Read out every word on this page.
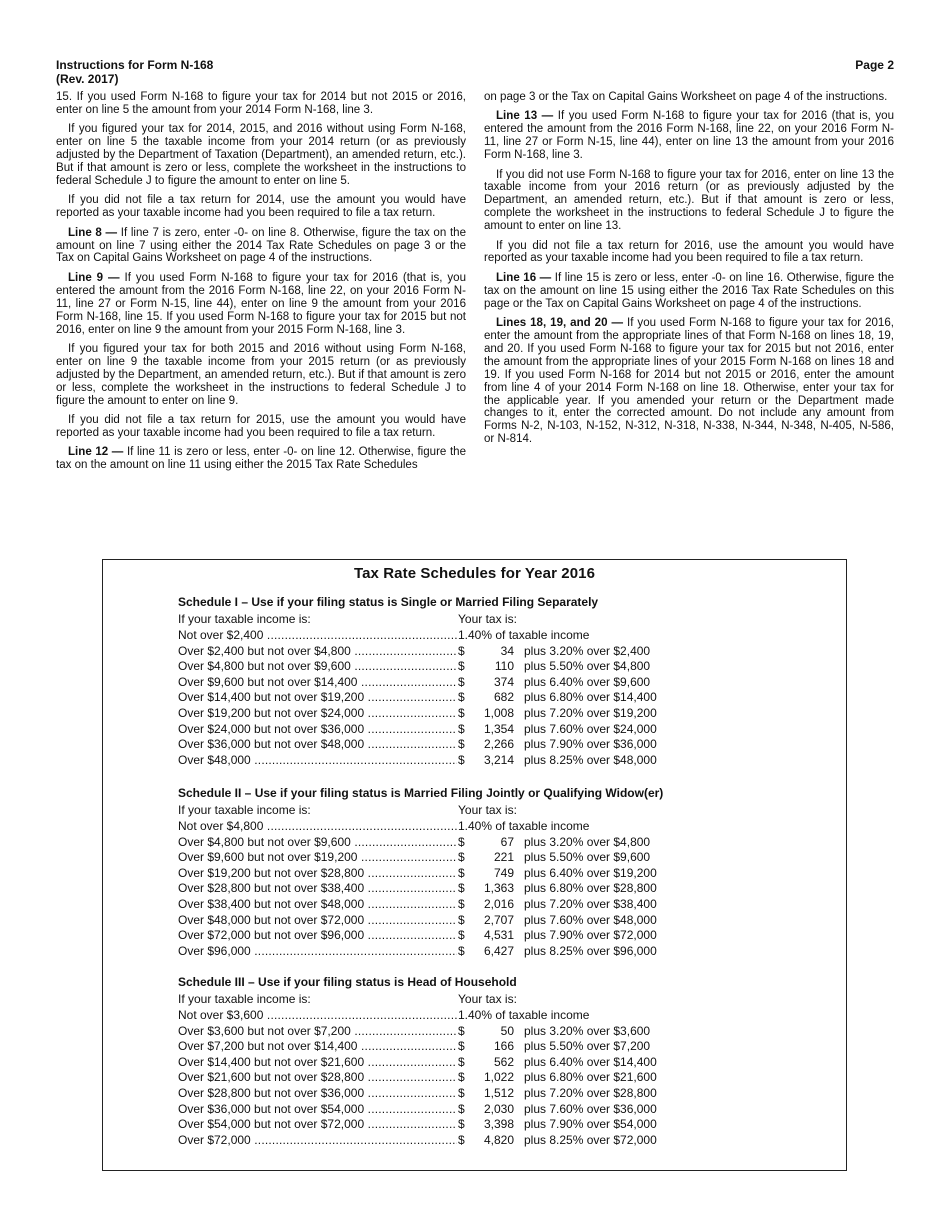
Instructions for Form N-168
(Rev. 2017)
Page 2

15. If you used Form N-168 to figure your tax for 2014 but not 2015 or 2016, enter on line 5 the amount from your 2014 Form N-168, line 3.

If you figured your tax for 2014, 2015, and 2016 without using Form N-168, enter on line 5 the taxable income from your 2014 return (or as previously adjusted by the Department of Taxation (Department), an amended return, etc.). But if that amount is zero or less, complete the worksheet in the instructions to federal Schedule J to figure the amount to enter on line 5.

If you did not file a tax return for 2014, use the amount you would have reported as your taxable income had you been required to file a tax return.

Line 8 — If line 7 is zero, enter -0- on line 8. Otherwise, figure the tax on the amount on line 7 using either the 2014 Tax Rate Schedules on page 3 or the Tax on Capital Gains Worksheet on page 4 of the instructions.

Line 9 — If you used Form N-168 to figure your tax for 2016 (that is, you entered the amount from the 2016 Form N-168, line 22, on your 2016 Form N-11, line 27 or Form N-15, line 44), enter on line 9 the amount from your 2016 Form N-168, line 15. If you used Form N-168 to figure your tax for 2015 but not 2016, enter on line 9 the amount from your 2015 Form N-168, line 3.

If you figured your tax for both 2015 and 2016 without using Form N-168, enter on line 9 the taxable income from your 2015 return (or as previously adjusted by the Department, an amended return, etc.). But if that amount is zero or less, complete the worksheet in the instructions to federal Schedule J to figure the amount to enter on line 9.

If you did not file a tax return for 2015, use the amount you would have reported as your taxable income had you been required to file a tax return.

Line 12 — If line 11 is zero or less, enter -0- on line 12. Otherwise, figure the tax on the amount on line 11 using either the 2015 Tax Rate Schedules

on page 3 or the Tax on Capital Gains Worksheet on page 4 of the instructions.

Line 13 — If you used Form N-168 to figure your tax for 2016 (that is, you entered the amount from the 2016 Form N-168, line 22, on your 2016 Form N-11, line 27 or Form N-15, line 44), enter on line 13 the amount from your 2016 Form N-168, line 3.

If you did not use Form N-168 to figure your tax for 2016, enter on line 13 the taxable income from your 2016 return (or as previously adjusted by the Department, an amended return, etc.). But if that amount is zero or less, complete the worksheet in the instructions to federal Schedule J to figure the amount to enter on line 13.

If you did not file a tax return for 2016, use the amount you would have reported as your taxable income had you been required to file a tax return.

Line 16 — If line 15 is zero or less, enter -0- on line 16. Otherwise, figure the tax on the amount on line 15 using either the 2016 Tax Rate Schedules on this page or the Tax on Capital Gains Worksheet on page 4 of the instructions.

Lines 18, 19, and 20 — If you used Form N-168 to figure your tax for 2016, enter the amount from the appropriate lines of that Form N-168 on lines 18, 19, and 20. If you used Form N-168 to figure your tax for 2015 but not 2016, enter the amount from the appropriate lines of your 2015 Form N-168 on lines 18 and 19. If you used Form N-168 for 2014 but not 2015 or 2016, enter the amount from line 4 of your 2014 Form N-168 on line 18. Otherwise, enter your tax for the applicable year. If you amended your return or the Department made changes to it, enter the corrected amount. Do not include any amount from Forms N-2, N-103, N-152, N-312, N-318, N-338, N-344, N-348, N-405, N-586, or N-814.

Tax Rate Schedules for Year 2016
Schedule I – Use if your filing status is Single or Married Filing Separately
If your taxable income is:	Your tax is:
Not over $2,400 .....	1.40% of taxable income
Over $2,400 but not over $4,800 .....	$	34 plus 3.20% over $2,400
Over $4,800 but not over $9,600 .....	$	110 plus 5.50% over $4,800
Over $9,600 but not over $14,400 .....	$	374 plus 6.40% over $9,600
Over $14,400 but not over $19,200 .....	$	682 plus 6.80% over $14,400
Over $19,200 but not over $24,000 .....	$	1,008 plus 7.20% over $19,200
Over $24,000 but not over $36,000 .....	$	1,354 plus 7.60% over $24,000
Over $36,000 but not over $48,000 .....	$	2,266 plus 7.90% over $36,000
Over $48,000 .....	$	3,214 plus 8.25% over $48,000
Schedule II – Use if your filing status is Married Filing Jointly or Qualifying Widow(er)
If your taxable income is:	Your tax is:
Not over $4,800 .....	1.40% of taxable income
Over $4,800 but not over $9,600 .....	$	67 plus 3.20% over $4,800
Over $9,600 but not over $19,200 .....	$	221 plus 5.50% over $9,600
Over $19,200 but not over $28,800 .....	$	749 plus 6.40% over $19,200
Over $28,800 but not over $38,400 .....	$	1,363 plus 6.80% over $28,800
Over $38,400 but not over $48,000 .....	$	2,016 plus 7.20% over $38,400
Over $48,000 but not over $72,000 .....	$	2,707 plus 7.60% over $48,000
Over $72,000 but not over $96,000 .....	$	4,531 plus 7.90% over $72,000
Over $96,000 .....	$	6,427 plus 8.25% over $96,000
Schedule III – Use if your filing status is Head of Household
If your taxable income is:	Your tax is:
Not over $3,600 .....	1.40% of taxable income
Over $3,600 but not over $7,200 .....	$	50 plus 3.20% over $3,600
Over $7,200 but not over $14,400 .....	$	166 plus 5.50% over $7,200
Over $14,400 but not over $21,600 .....	$	562 plus 6.40% over $14,400
Over $21,600 but not over $28,800 .....	$	1,022 plus 6.80% over $21,600
Over $28,800 but not over $36,000 .....	$	1,512 plus 7.20% over $28,800
Over $36,000 but not over $54,000 .....	$	2,030 plus 7.60% over $36,000
Over $54,000 but not over $72,000 .....	$	3,398 plus 7.90% over $54,000
Over $72,000 .....	$	4,820 plus 8.25% over $72,000
